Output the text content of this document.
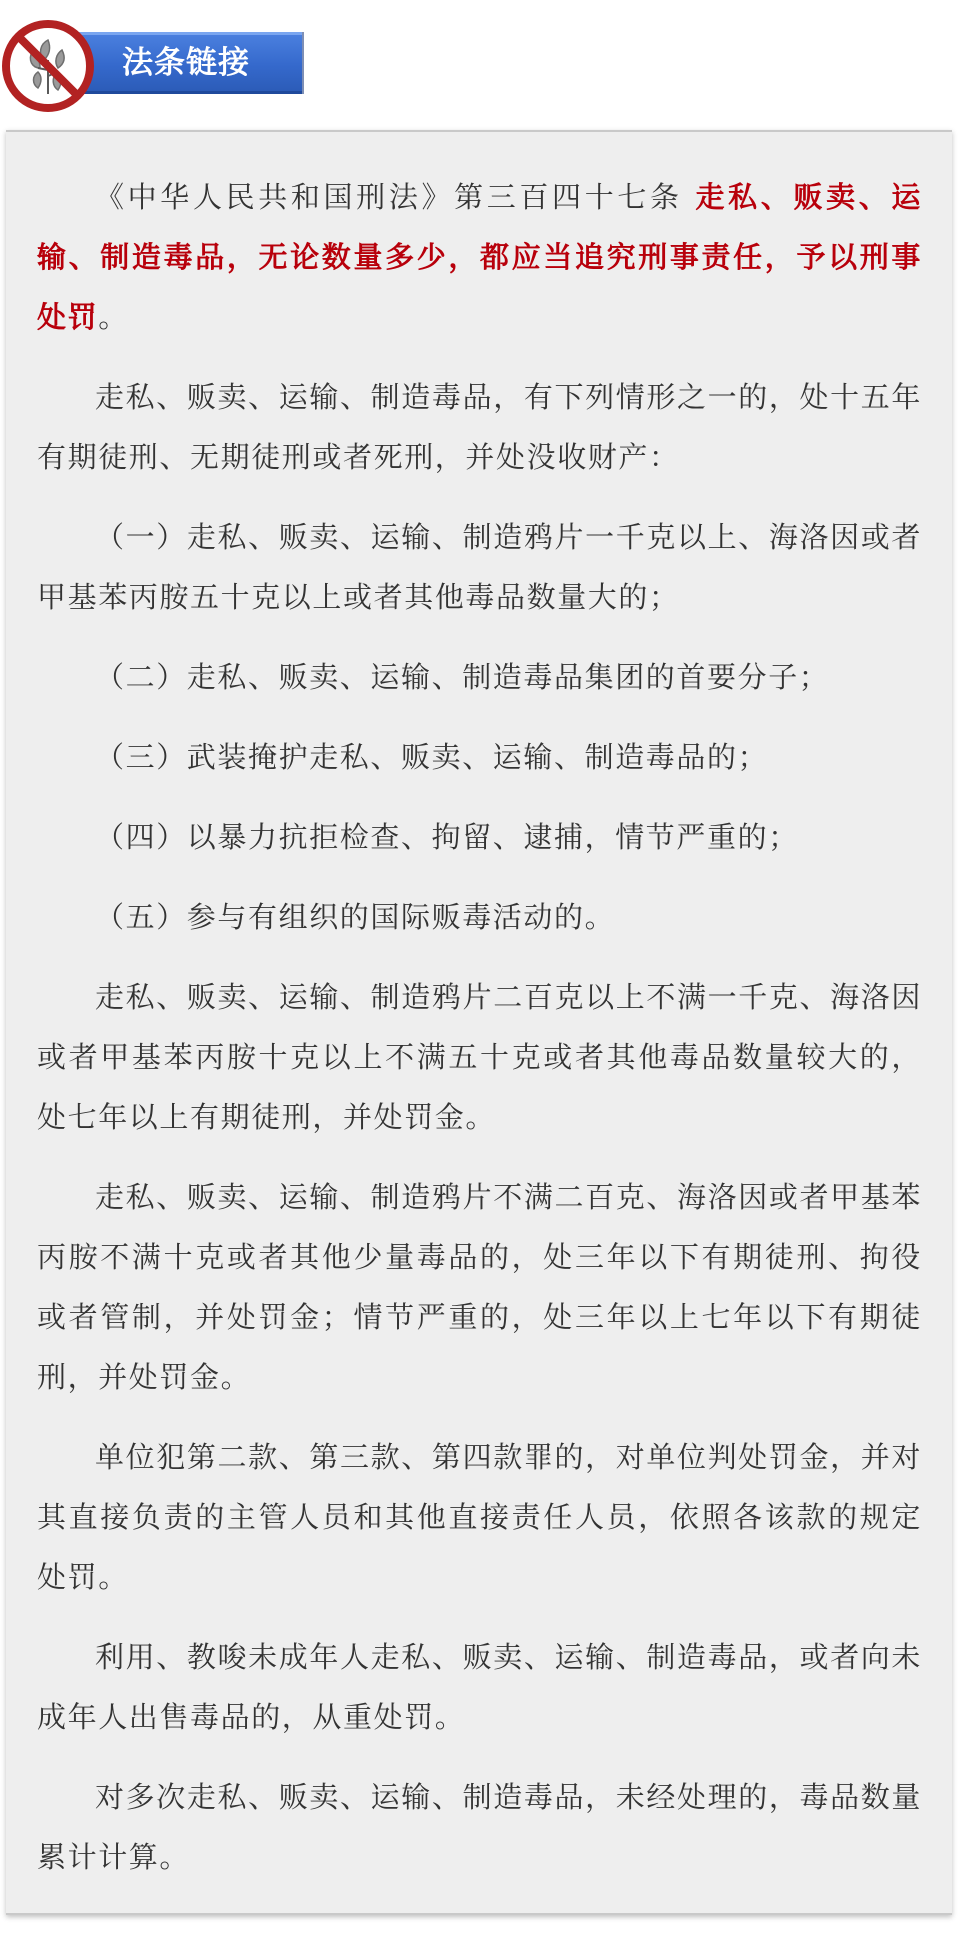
法条链接

《中华人民共和国刑法》第三百四十七条 走私、贩卖、运输、制造毒品，无论数量多少，都应当追究刑事责任，予以刑事处罚。

走私、贩卖、运输、制造毒品，有下列情形之一的，处十五年有期徒刑、无期徒刑或者死刑，并处没收财产：

（一）走私、贩卖、运输、制造鸦片一千克以上、海洛因或者甲基苯丙胺五十克以上或者其他毒品数量大的；

（二）走私、贩卖、运输、制造毒品集团的首要分子；

（三）武装掩护走私、贩卖、运输、制造毒品的；

（四）以暴力抗拒检查、拘留、逮捕，情节严重的；

（五）参与有组织的国际贩毒活动的。

走私、贩卖、运输、制造鸦片二百克以上不满一千克、海洛因或者甲基苯丙胺十克以上不满五十克或者其他毒品数量较大的，处七年以上有期徒刑，并处罚金。

走私、贩卖、运输、制造鸦片不满二百克、海洛因或者甲基苯丙胺不满十克或者其他少量毒品的，处三年以下有期徒刑、拘役或者管制，并处罚金；情节严重的，处三年以上七年以下有期徒刑，并处罚金。

单位犯第二款、第三款、第四款罪的，对单位判处罚金，并对其直接负责的主管人员和其他直接责任人员，依照各该款的规定处罚。

利用、教唆未成年人走私、贩卖、运输、制造毒品，或者向未成年人出售毒品的，从重处罚。

对多次走私、贩卖、运输、制造毒品，未经处理的，毒品数量累计计算。
